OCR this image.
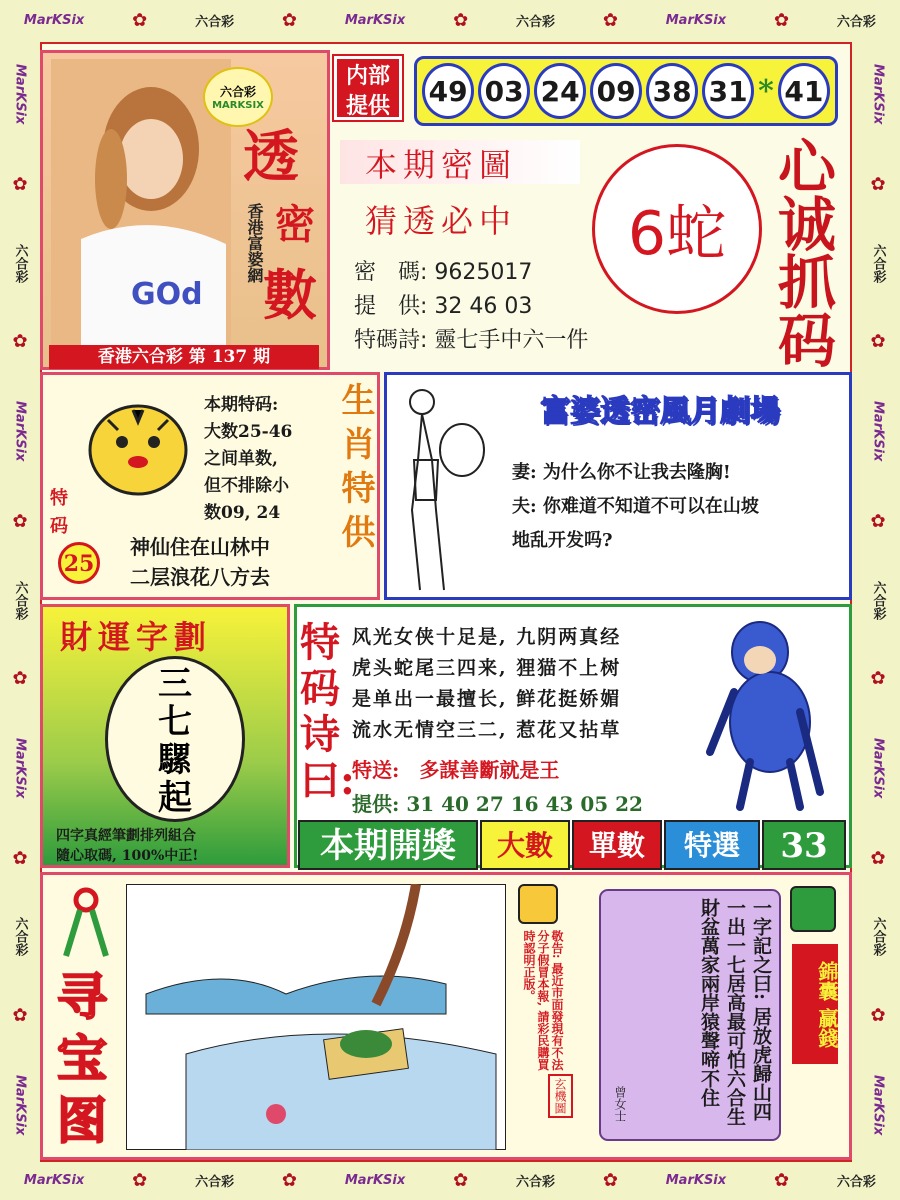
MarKSix	✿	六合彩	✿	MarKSix	✿	六合彩	✿	MarKSix	✿	六合彩
MarKSix	✿	六合彩	✿	MarKSix	✿	六合彩	✿	MarKSix	✿	六合彩
MarKSix
✿
六合彩
✿
MarKSix
✿
六合彩
✿
MarKSix
✿
六合彩
✿
MarKSix
MarKSix
✿
六合彩
✿
MarKSix
✿
六合彩
✿
MarKSix
✿
六合彩
✿
MarKSix
GOd
六合彩
MARKSIX
透
密
數
香港富婆網
香港六合彩 第 137 期
内部提供	49 03 24 09 38 31 * 41
本期密圖
猜透必中 6蛇 心诚抓码
密　碼: 9625017
提　供: 32 46 03
特碼詩: 靈七手中六一件
特码
25
本期特码:
大数25-46
之间单数,
但不排除小
数09, 24
神仙住在山林中
二层浪花八方去
生肖特供	富婆透密風月劇場
妻: 为什么你不让我去隆胸!
夫: 你难道不知道不可以在山坡
地乱开发吗?
財運字劃
三
七
騾
起
四字真經筆劃排列組合
隨心取碼, 100%中正!
特码诗曰:
风光女侠十足是, 九阴两真经
虎头蛇尾三四来, 狸猫不上树
是单出一最擅长, 鲜花挺娇媚
流水无情空三二, 惹花又拈草
特送:　多謀善斷就是王
提供: 31 40 27 16 43 05 22
本期開獎	大數	單數	特選	33
寻宝图
敬告: 最近市面發現有不法分子假冒本報, 請彩民購買時認明正版。
玄機圖	一字記之曰: 居放虎歸山四一出一七居高最可怕六合生財盆萬家兩岸猿聲啼不住
曾女士
錦囊 贏錢
